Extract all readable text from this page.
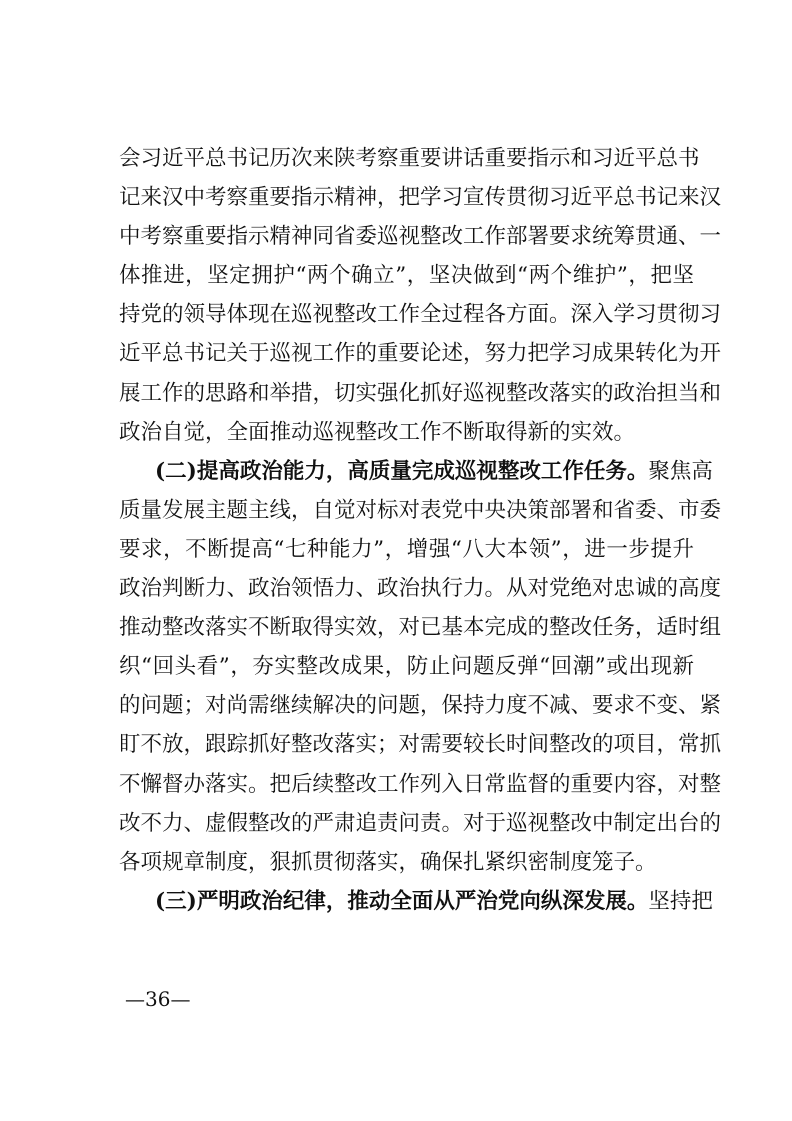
会习近平总书记历次来陕考察重要讲话重要指示和习近平总书
记来汉中考察重要指示精神，把学习宣传贯彻习近平总书记来汉
中考察重要指示精神同省委巡视整改工作部署要求统筹贯通、一
体推进，坚定拥护“两个确立”，坚决做到“两个维护”，把坚
持党的领导体现在巡视整改工作全过程各方面。深入学习贯彻习
近平总书记关于巡视工作的重要论述，努力把学习成果转化为开
展工作的思路和举措，切实强化抓好巡视整改落实的政治担当和
政治自觉，全面推动巡视整改工作不断取得新的实效。
(二)提高政治能力，高质量完成巡视整改工作任务。聚焦高
质量发展主题主线，自觉对标对表党中央决策部署和省委、市委
要求，不断提高“七种能力”，增强“八大本领”，进一步提升
政治判断力、政治领悟力、政治执行力。从对党绝对忠诚的高度
推动整改落实不断取得实效，对已基本完成的整改任务，适时组
织“回头看”，夯实整改成果，防止问题反弹“回潮”或出现新
的问题；对尚需继续解决的问题，保持力度不减、要求不变、紧
盯不放，跟踪抓好整改落实；对需要较长时间整改的项目，常抓
不懈督办落实。把后续整改工作列入日常监督的重要内容，对整
改不力、虚假整改的严肃追责问责。对于巡视整改中制定出台的
各项规章制度，狠抓贯彻落实，确保扎紧织密制度笼子。
(三)严明政治纪律，推动全面从严治党向纵深发展。坚持把
—36—
